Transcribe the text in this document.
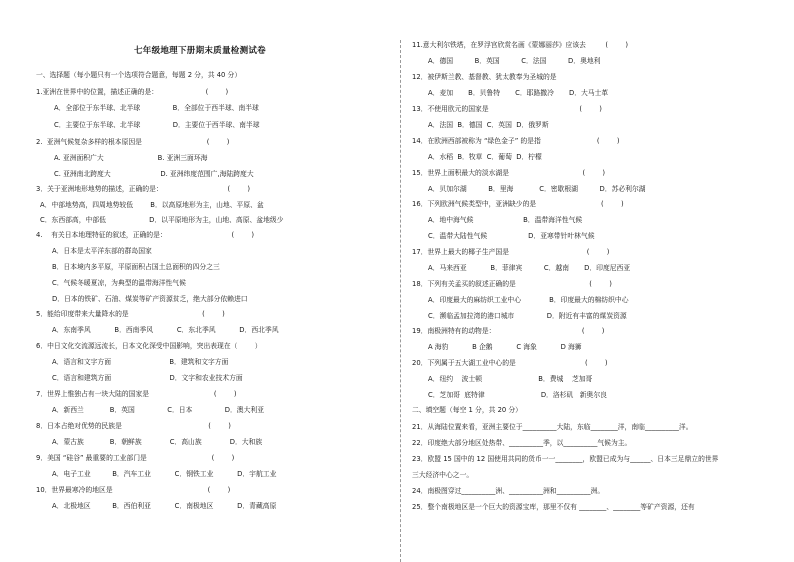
七年级地理下册期末质量检测试卷
一、选择题（每小题只有一个选项符合题意，每题 2 分，共 40 分）
1.亚洲在世界中的位置，描述正确的是：                      (        )
A．全部位于东半球、北半球               B．全部位于西半球、南半球
C．主要位于东半球、北半球               D．主要位于西半球、南半球
2.  亚洲气候复杂多样的根本原因是                              (        )
A. 亚洲面积广大                         B. 亚洲三面环海
C. 亚洲南北跨度大                       D. 亚洲纬度范围广,海陆跨度大
3．关于亚洲地形地势的描述，正确的是：                              (        )
A．中部地势高，四周地势较低        B．以高原地形为主，山地、平原、盆
C．东西部高，中部低                    D．以平原地形为主，山地、高原、盆地级少
4.    有关日本地理特征的叙述，正确的是：                              (        )
A．日本是太平洋东部的群岛国家
B．日本境内多平原，平原面积占国土总面积的四分之三
C．气候冬暖夏凉，为典型的温带海洋性气候
D．日本的铁矿、石油、煤炭等矿产资源贫乏，绝大部分依赖进口
5．能给印度带来大量降水的是                                  (        )
A．东南季风           B．西南季风           C．东北季风           D．西北季风
6．中日文化交流源远流长，日本文化深受中国影响，突出表现在（        ）
A．语言和文字方面                           B．建筑和文字方面
C．语言和建筑方面                           D．文字和农业技术方面
7．世界上惟独占有一块大陆的国家是                              (        )
A．新西兰            B．英国               C．日本               D．澳大利亚
8．日本占绝对优势的民族是                                        (        )
A．蒙古族            B．朝鲜族             C．高山族             D．大和族
9．美国 “硅谷” 最重要的工业部门是                              (        )
A．电子工业          B．汽车工业           C．钢铁工业           D．宇航工业
10．世界最寒冷的地区是                                            (        )
A．北极地区          B．西伯利亚           C．南极地区           D．青藏高原
11.意大利尔铁塔，在罗浮宫欣赏名画《蒙娜丽莎》应该去         (        )
A．德国          B．英国          C．法国          D．奥地利
12．被伊斯兰教、基督教、犹太教奉为圣城的是
A．麦加       B．贝鲁特       C．耶路撒冷       D．大马士革
13．不使用欧元的国家是                                          (        )
A．法国  B．德国  C．英国  D．俄罗斯
14．在欧洲西部被称为 “绿色金子” 的是指                          (        )
A．水稻  B．牧草  C．葡萄  D．柠檬
15．世界上面积最大的淡水湖是                                  (        )
A．贝加尔湖          B．里海            C．密歇根湖          D．苏必利尔湖
16．下列欧洲气候类型中，亚洲缺少的是                              (        )
A．地中海气候                       B．温带海洋性气候
C．温带大陆性气候                   D．亚寒带针叶林气候
17．世界上最大的椰子生产国是                                    (        )
A．马来西亚           B．菲律宾          C．越南       D．印度尼西亚
18．下列有关孟买的叙述正确的是                                  (        )
A．印度最大的麻纺织工业中心             B．印度最大的棉纺织中心
C．濒临孟加拉湾的港口城市               D．附近有丰富的煤炭资源
19．南极洲特有的动物是：                                        (        )
A 海豹           B 企鹅           C 海象           D 海狮
20．下列属于五大湖工业中心的是                                (        )
A．纽约    波士顿                          B．费城    芝加哥
C．芝加哥  底特律                          D．洛杉矶   新奥尔良
二、填空题（每空 1 分，共 20 分）
21．从海陆位置来看，亚洲主要位于__________大陆，东临________洋，南临__________洋。
22．印度绝大部分地区处热带、__________季，以__________气候为主。
23．欧盟 15 国中的 12 国使用共同的货币一一________，欧盟已成为与______、日本三足鼎立的世界
三大经济中心之一。
24．南极图穿过__________洲、__________洲和__________洲。
25．整个南极地区是一个巨大的资源宝库，那里不仅有 ________、________等矿产资源，还有
